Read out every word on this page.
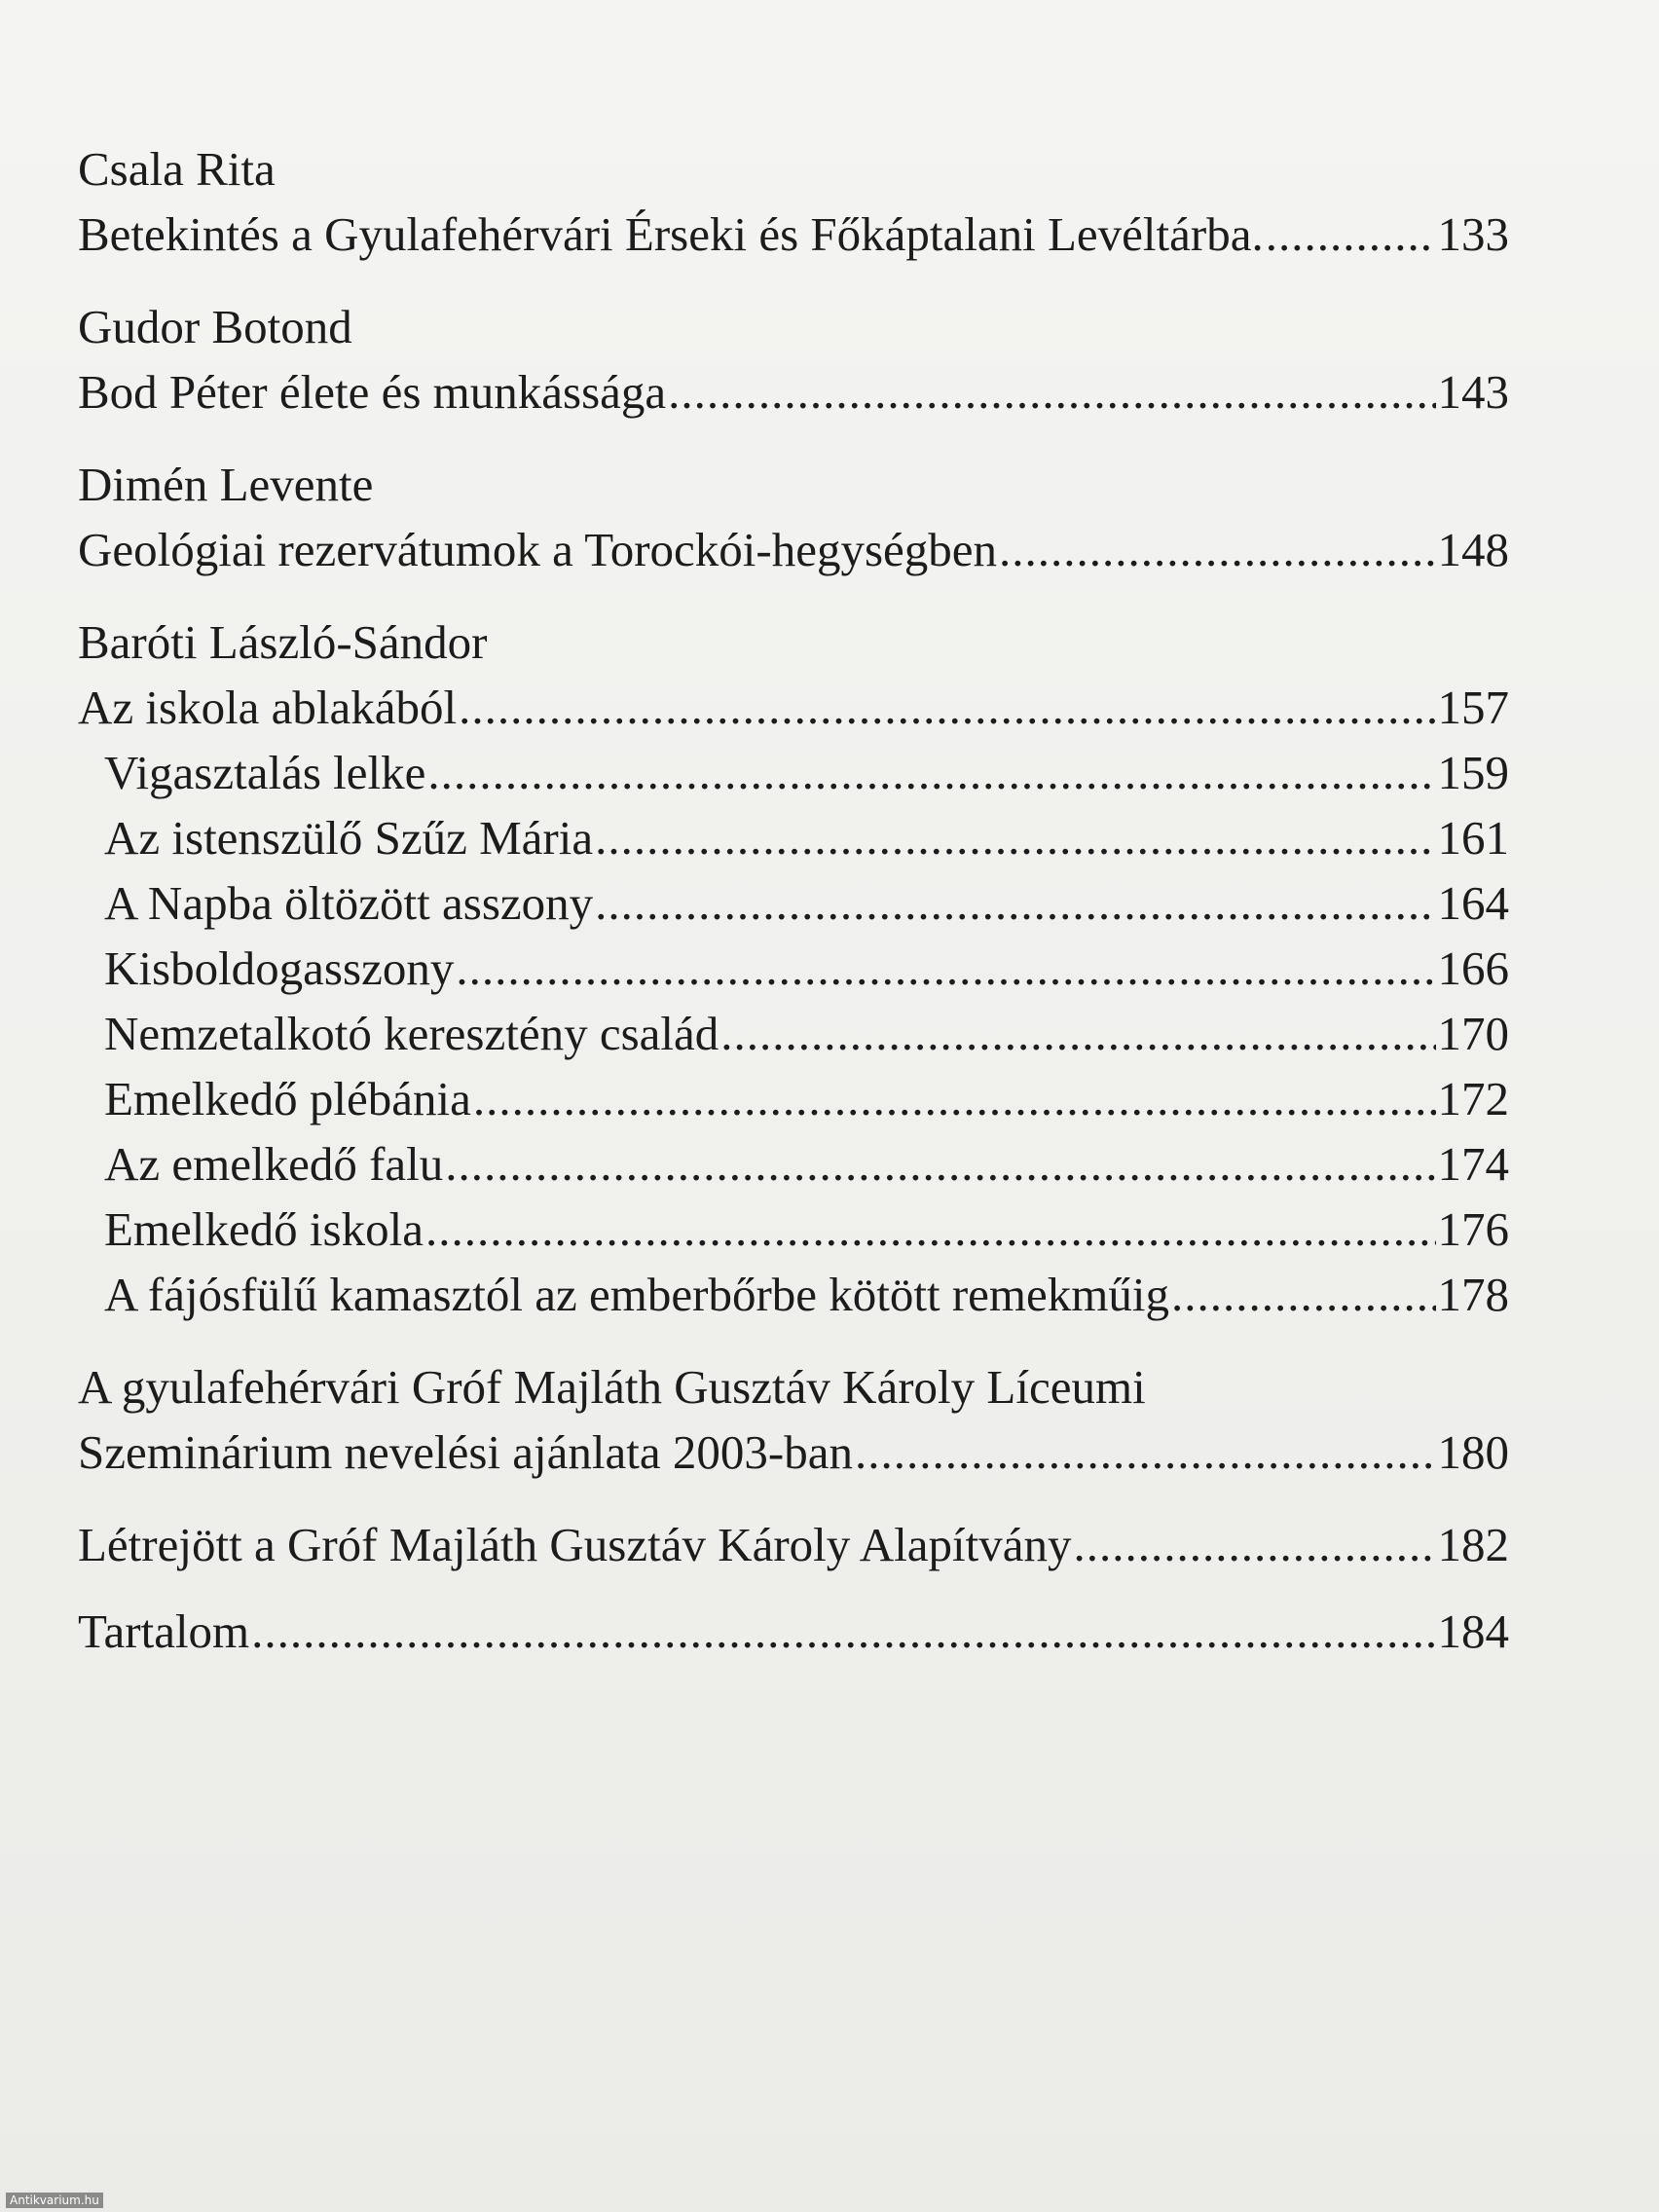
Csala Rita
Betekintés a Gyulafehérvári Érseki és Főkáptalani Levéltárba. .....	133
Gudor Botond
Bod Péter élete és munkássága .....	143
Dimén Levente
Geológiai rezervátumok a Torockói-hegységben .....	148
Baróti László-Sándor
Az iskola ablakából .....	157
Vigasztalás lelke .....	159
Az istenszülő Szűz Mária .....	161
A Napba öltözött asszony .....	164
Kisboldogasszony .....	166
Nemzetalkotó keresztény család .....	170
Emelkedő plébánia .....	172
Az emelkedő falu .....	174
Emelkedő iskola .....	176
A fájósfülű kamasztól az emberbőrbe kötött remekműig .....	178
A gyulafehérvári Gróf Majláth Gusztáv Károly Líceumi
Szeminárium nevelési ajánlata 2003-ban .....	180
Létrejött a Gróf Majláth Gusztáv Károly Alapítvány .....	182
Tartalom .....	184
Antikvarium.hu
